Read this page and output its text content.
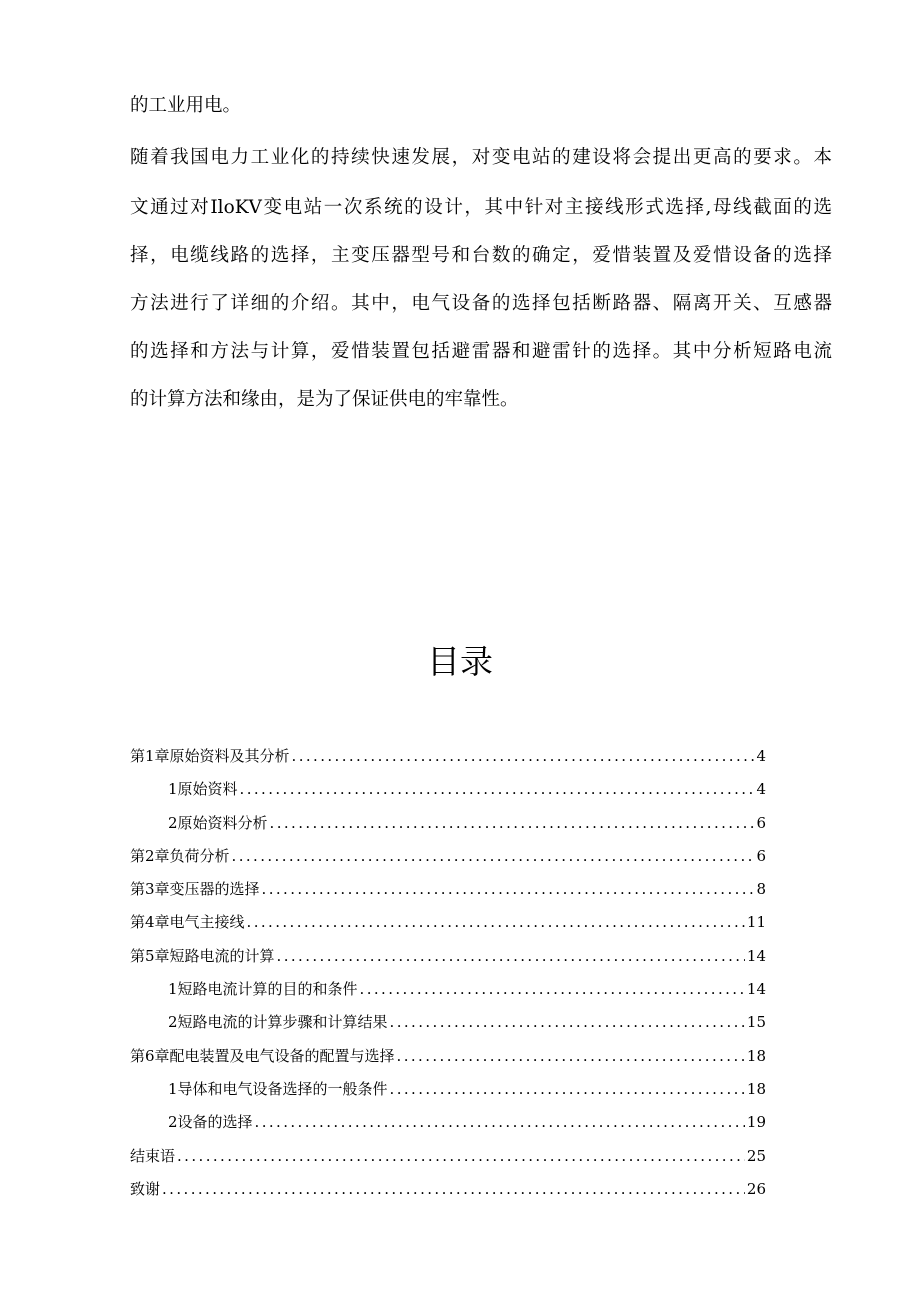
的工业用电。
随着我国电力工业化的持续快速发展，对变电站的建设将会提出更高的要求。本
文通过对IloKV变电站一次系统的设计，其中针对主接线形式选择,母线截面的选
择，电缆线路的选择，主变压器型号和台数的确定，爱惜装置及爱惜设备的选择
方法进行了详细的介绍。其中，电气设备的选择包括断路器、隔离开关、互感器
的选择和方法与计算，爱惜装置包括避雷器和避雷针的选择。其中分析短路电流
的计算方法和缘由，是为了保证供电的牢靠性。
目录
第1章原始资料及其分析 .....	4
1原始资料 .....	4
2原始资料分析 .....	6
第2章负荷分析 .....	6
第3章变压器的选择 .....	8
第4章电气主接线 .....	11
第5章短路电流的计算 .....	14
1短路电流计算的目的和条件 .....	14
2短路电流的计算步骤和计算结果 .....	15
第6章配电装置及电气设备的配置与选择 .....	18
1导体和电气设备选择的一般条件 .....	18
2设备的选择 .....	19
结束语 .....	25
致谢 .....	26
